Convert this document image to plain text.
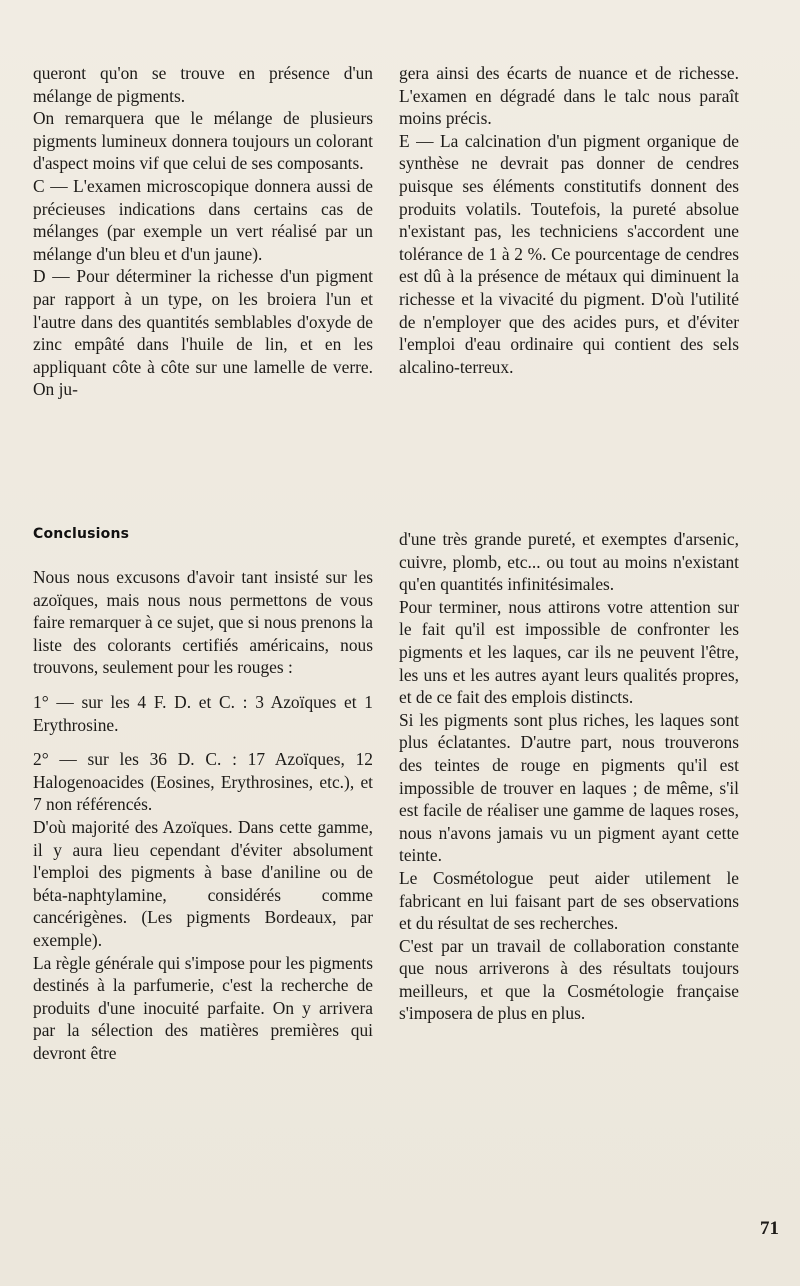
queront qu'on se trouve en présence d'un mélange de pigments.

On remarquera que le mélange de plusieurs pigments lumineux donnera toujours un colorant d'aspect moins vif que celui de ses composants.

C — L'examen microscopique donnera aussi de précieuses indications dans certains cas de mélanges (par exemple un vert réalisé par un mélange d'un bleu et d'un jaune).

D — Pour déterminer la richesse d'un pigment par rapport à un type, on les broiera l'un et l'autre dans des quantités semblables d'oxyde de zinc empâté dans l'huile de lin, et en les appliquant côte à côte sur une lamelle de verre. On ju-

gera ainsi des écarts de nuance et de richesse. L'examen en dégradé dans le talc nous paraît moins précis.

E — La calcination d'un pigment organique de synthèse ne devrait pas donner de cendres puisque ses éléments constitutifs donnent des produits volatils. Toutefois, la pureté absolue n'existant pas, les techniciens s'accordent une tolérance de 1 à 2 %. Ce pourcentage de cendres est dû à la présence de métaux qui diminuent la richesse et la vivacité du pigment. D'où l'utilité de n'employer que des acides purs, et d'éviter l'emploi d'eau ordinaire qui contient des sels alcalino-terreux.

Conclusions

Nous nous excusons d'avoir tant insisté sur les azoïques, mais nous nous permettons de vous faire remarquer à ce sujet, que si nous prenons la liste des colorants certifiés américains, nous trouvons, seulement pour les rouges :

1° — sur les 4 F. D. et C. : 3 Azoïques et 1 Erythrosine.

2° — sur les 36 D. C. : 17 Azoïques, 12 Halogenoacides (Eosines, Erythrosines, etc.), et 7 non référencés.

D'où majorité des Azoïques. Dans cette gamme, il y aura lieu cependant d'éviter absolument l'emploi des pigments à base d'aniline ou de béta-naphtylamine, considérés comme cancérigènes. (Les pigments Bordeaux, par exemple).

La règle générale qui s'impose pour les pigments destinés à la parfumerie, c'est la recherche de produits d'une inocuité parfaite. On y arrivera par la sélection des matières premières qui devront être

d'une très grande pureté, et exemptes d'arsenic, cuivre, plomb, etc... ou tout au moins n'existant qu'en quantités infinitésimales.

Pour terminer, nous attirons votre attention sur le fait qu'il est impossible de confronter les pigments et les laques, car ils ne peuvent l'être, les uns et les autres ayant leurs qualités propres, et de ce fait des emplois distincts.

Si les pigments sont plus riches, les laques sont plus éclatantes. D'autre part, nous trouverons des teintes de rouge en pigments qu'il est impossible de trouver en laques ; de même, s'il est facile de réaliser une gamme de laques roses, nous n'avons jamais vu un pigment ayant cette teinte.

Le Cosmétologue peut aider utilement le fabricant en lui faisant part de ses observations et du résultat de ses recherches.

C'est par un travail de collaboration constante que nous arriverons à des résultats toujours meilleurs, et que la Cosmétologie française s'imposera de plus en plus.

71
